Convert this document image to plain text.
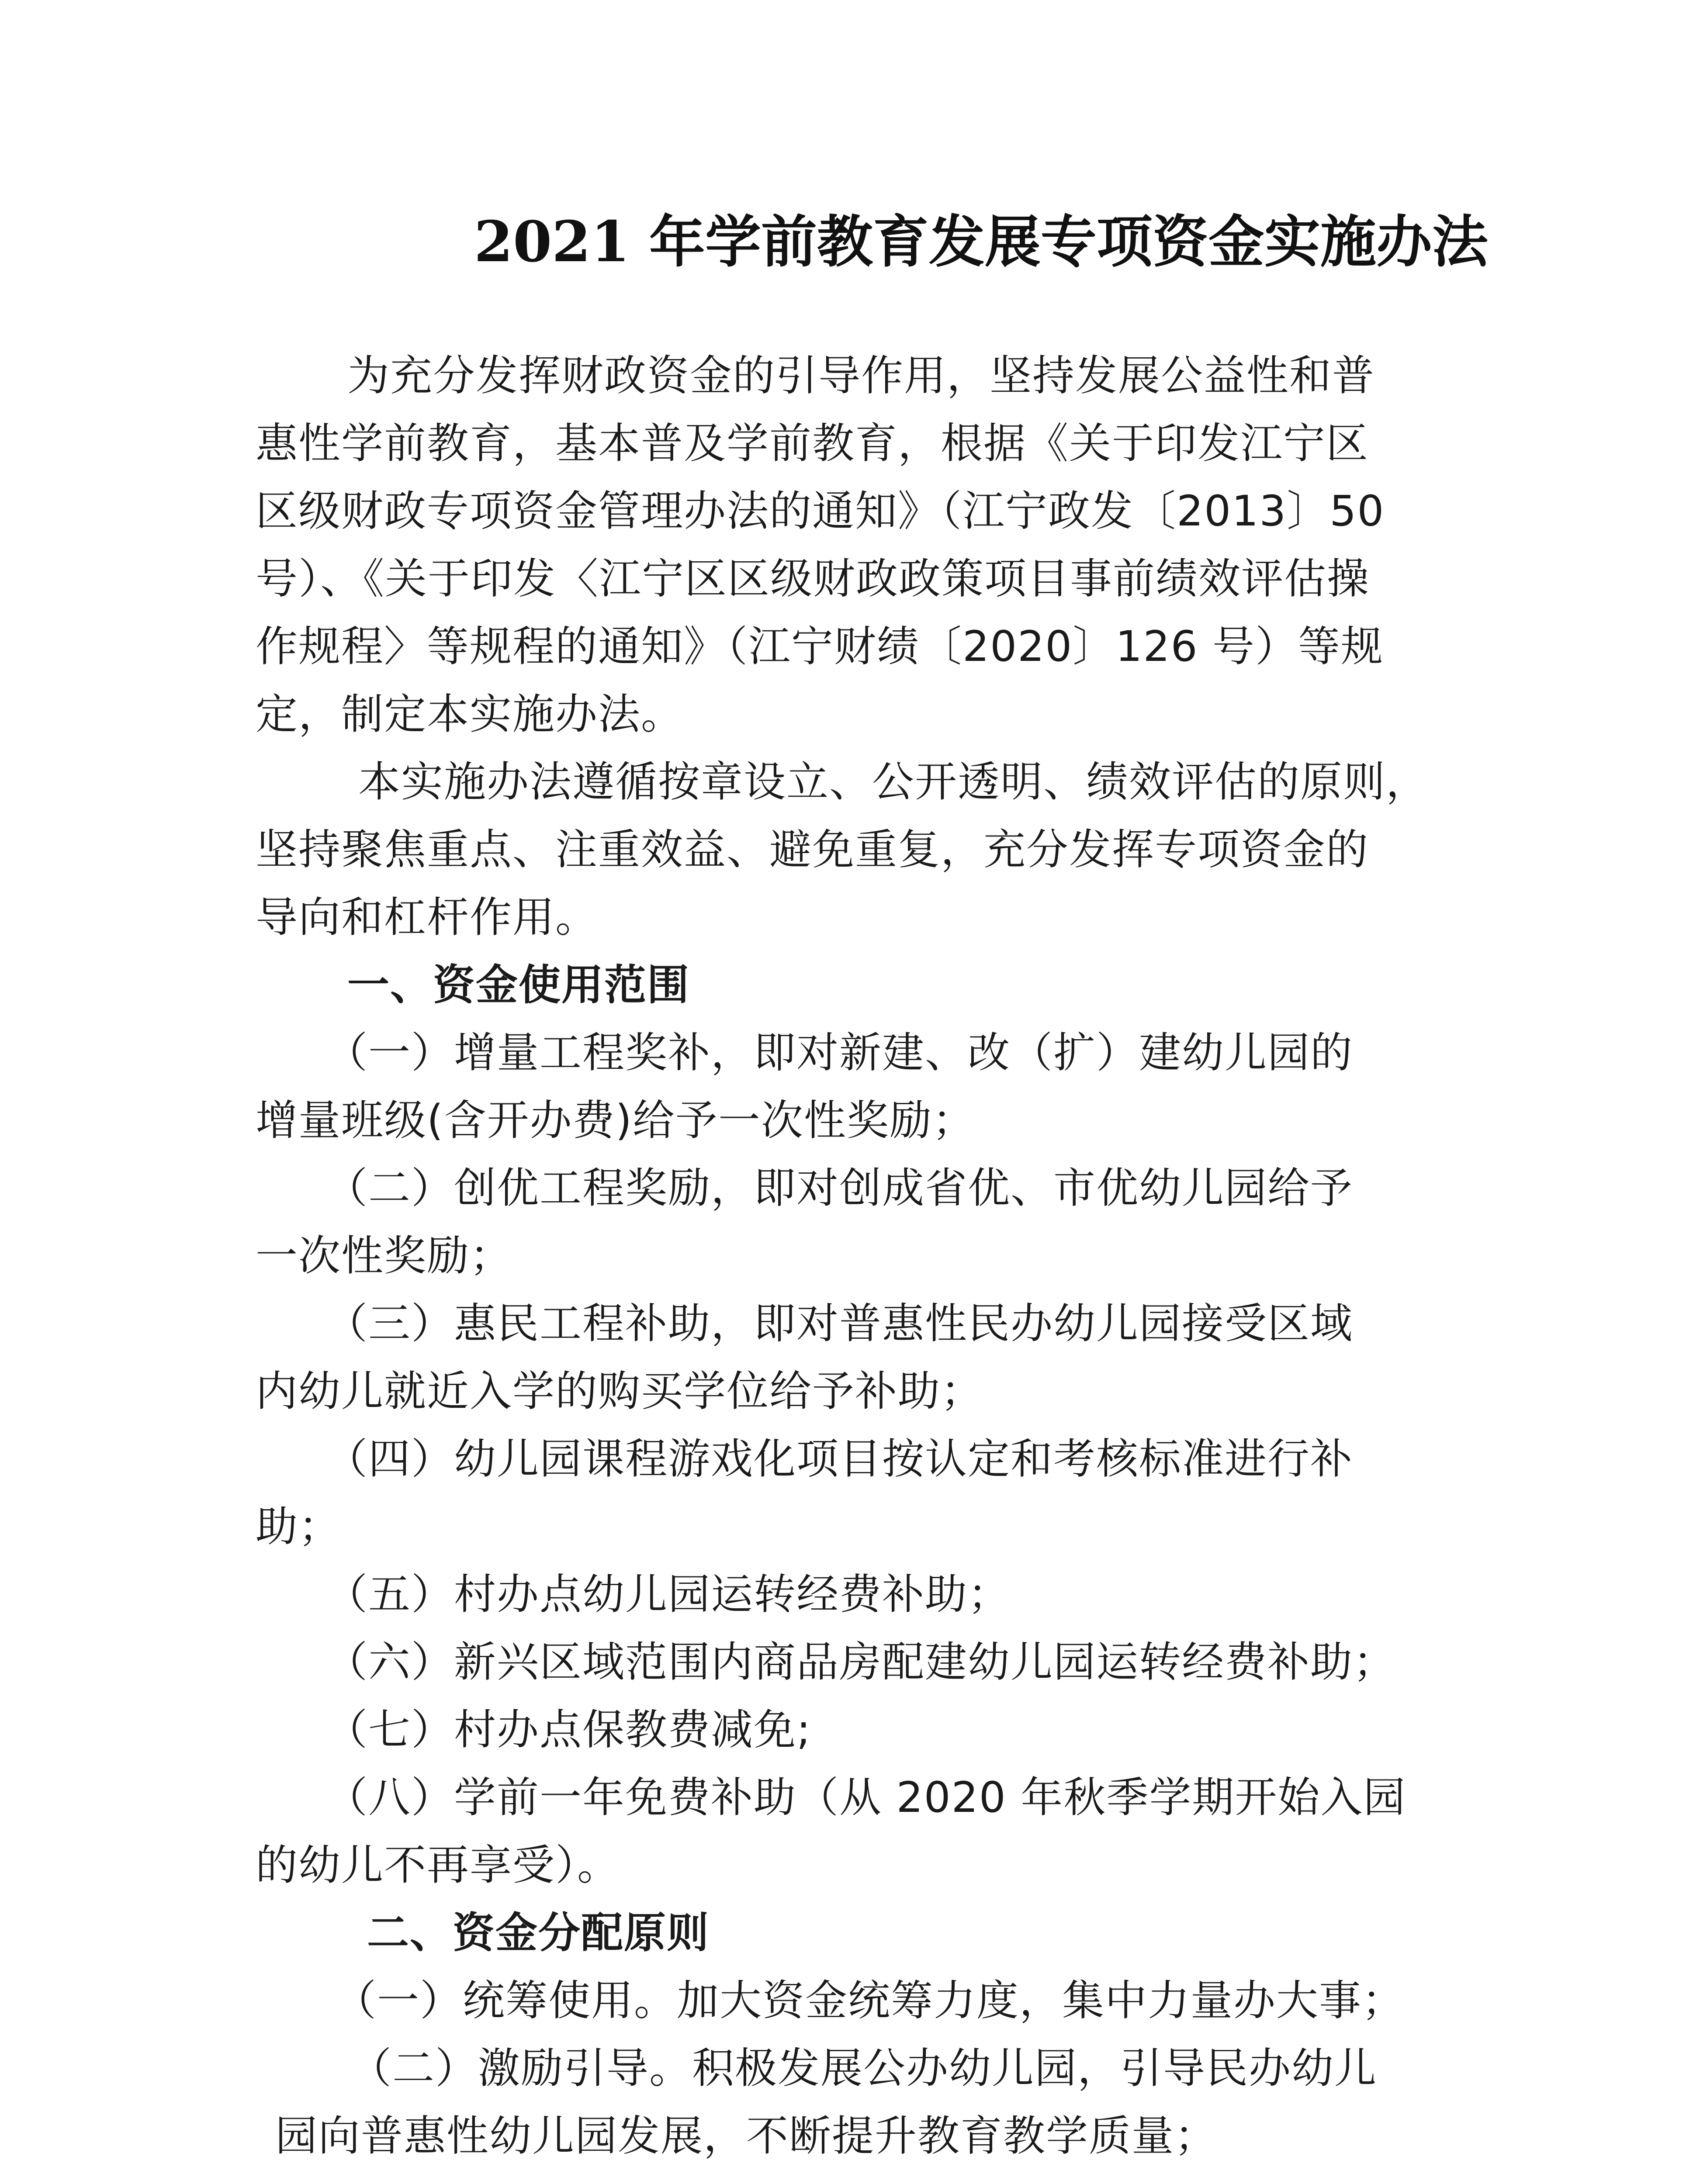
2021 年学前教育发展专项资金实施办法
为充分发挥财政资金的引导作用，坚持发展公益性和普
惠性学前教育，基本普及学前教育，根据《关于印发江宁区
区级财政专项资金管理办法的通知》（江宁政发〔2013〕50
号）、《关于印发〈江宁区区级财政政策项目事前绩效评估操
作规程〉等规程的通知》（江宁财绩〔2020〕126 号）等规
定，制定本实施办法。
本实施办法遵循按章设立、公开透明、绩效评估的原则，
坚持聚焦重点、注重效益、避免重复，充分发挥专项资金的
导向和杠杆作用。
一、资金使用范围
（一）增量工程奖补，即对新建、改（扩）建幼儿园的
增量班级(含开办费)给予一次性奖励；
（二）创优工程奖励，即对创成省优、市优幼儿园给予
一次性奖励；
（三）惠民工程补助，即对普惠性民办幼儿园接受区域
内幼儿就近入学的购买学位给予补助；
（四）幼儿园课程游戏化项目按认定和考核标准进行补
助；
（五）村办点幼儿园运转经费补助；
（六）新兴区域范围内商品房配建幼儿园运转经费补助；
（七）村办点保教费减免;
（八）学前一年免费补助（从 2020 年秋季学期开始入园
的幼儿不再享受）。
二、资金分配原则
（一）统筹使用。加大资金统筹力度，集中力量办大事；
（二）激励引导。积极发展公办幼儿园，引导民办幼儿
园向普惠性幼儿园发展，不断提升教育教学质量；
